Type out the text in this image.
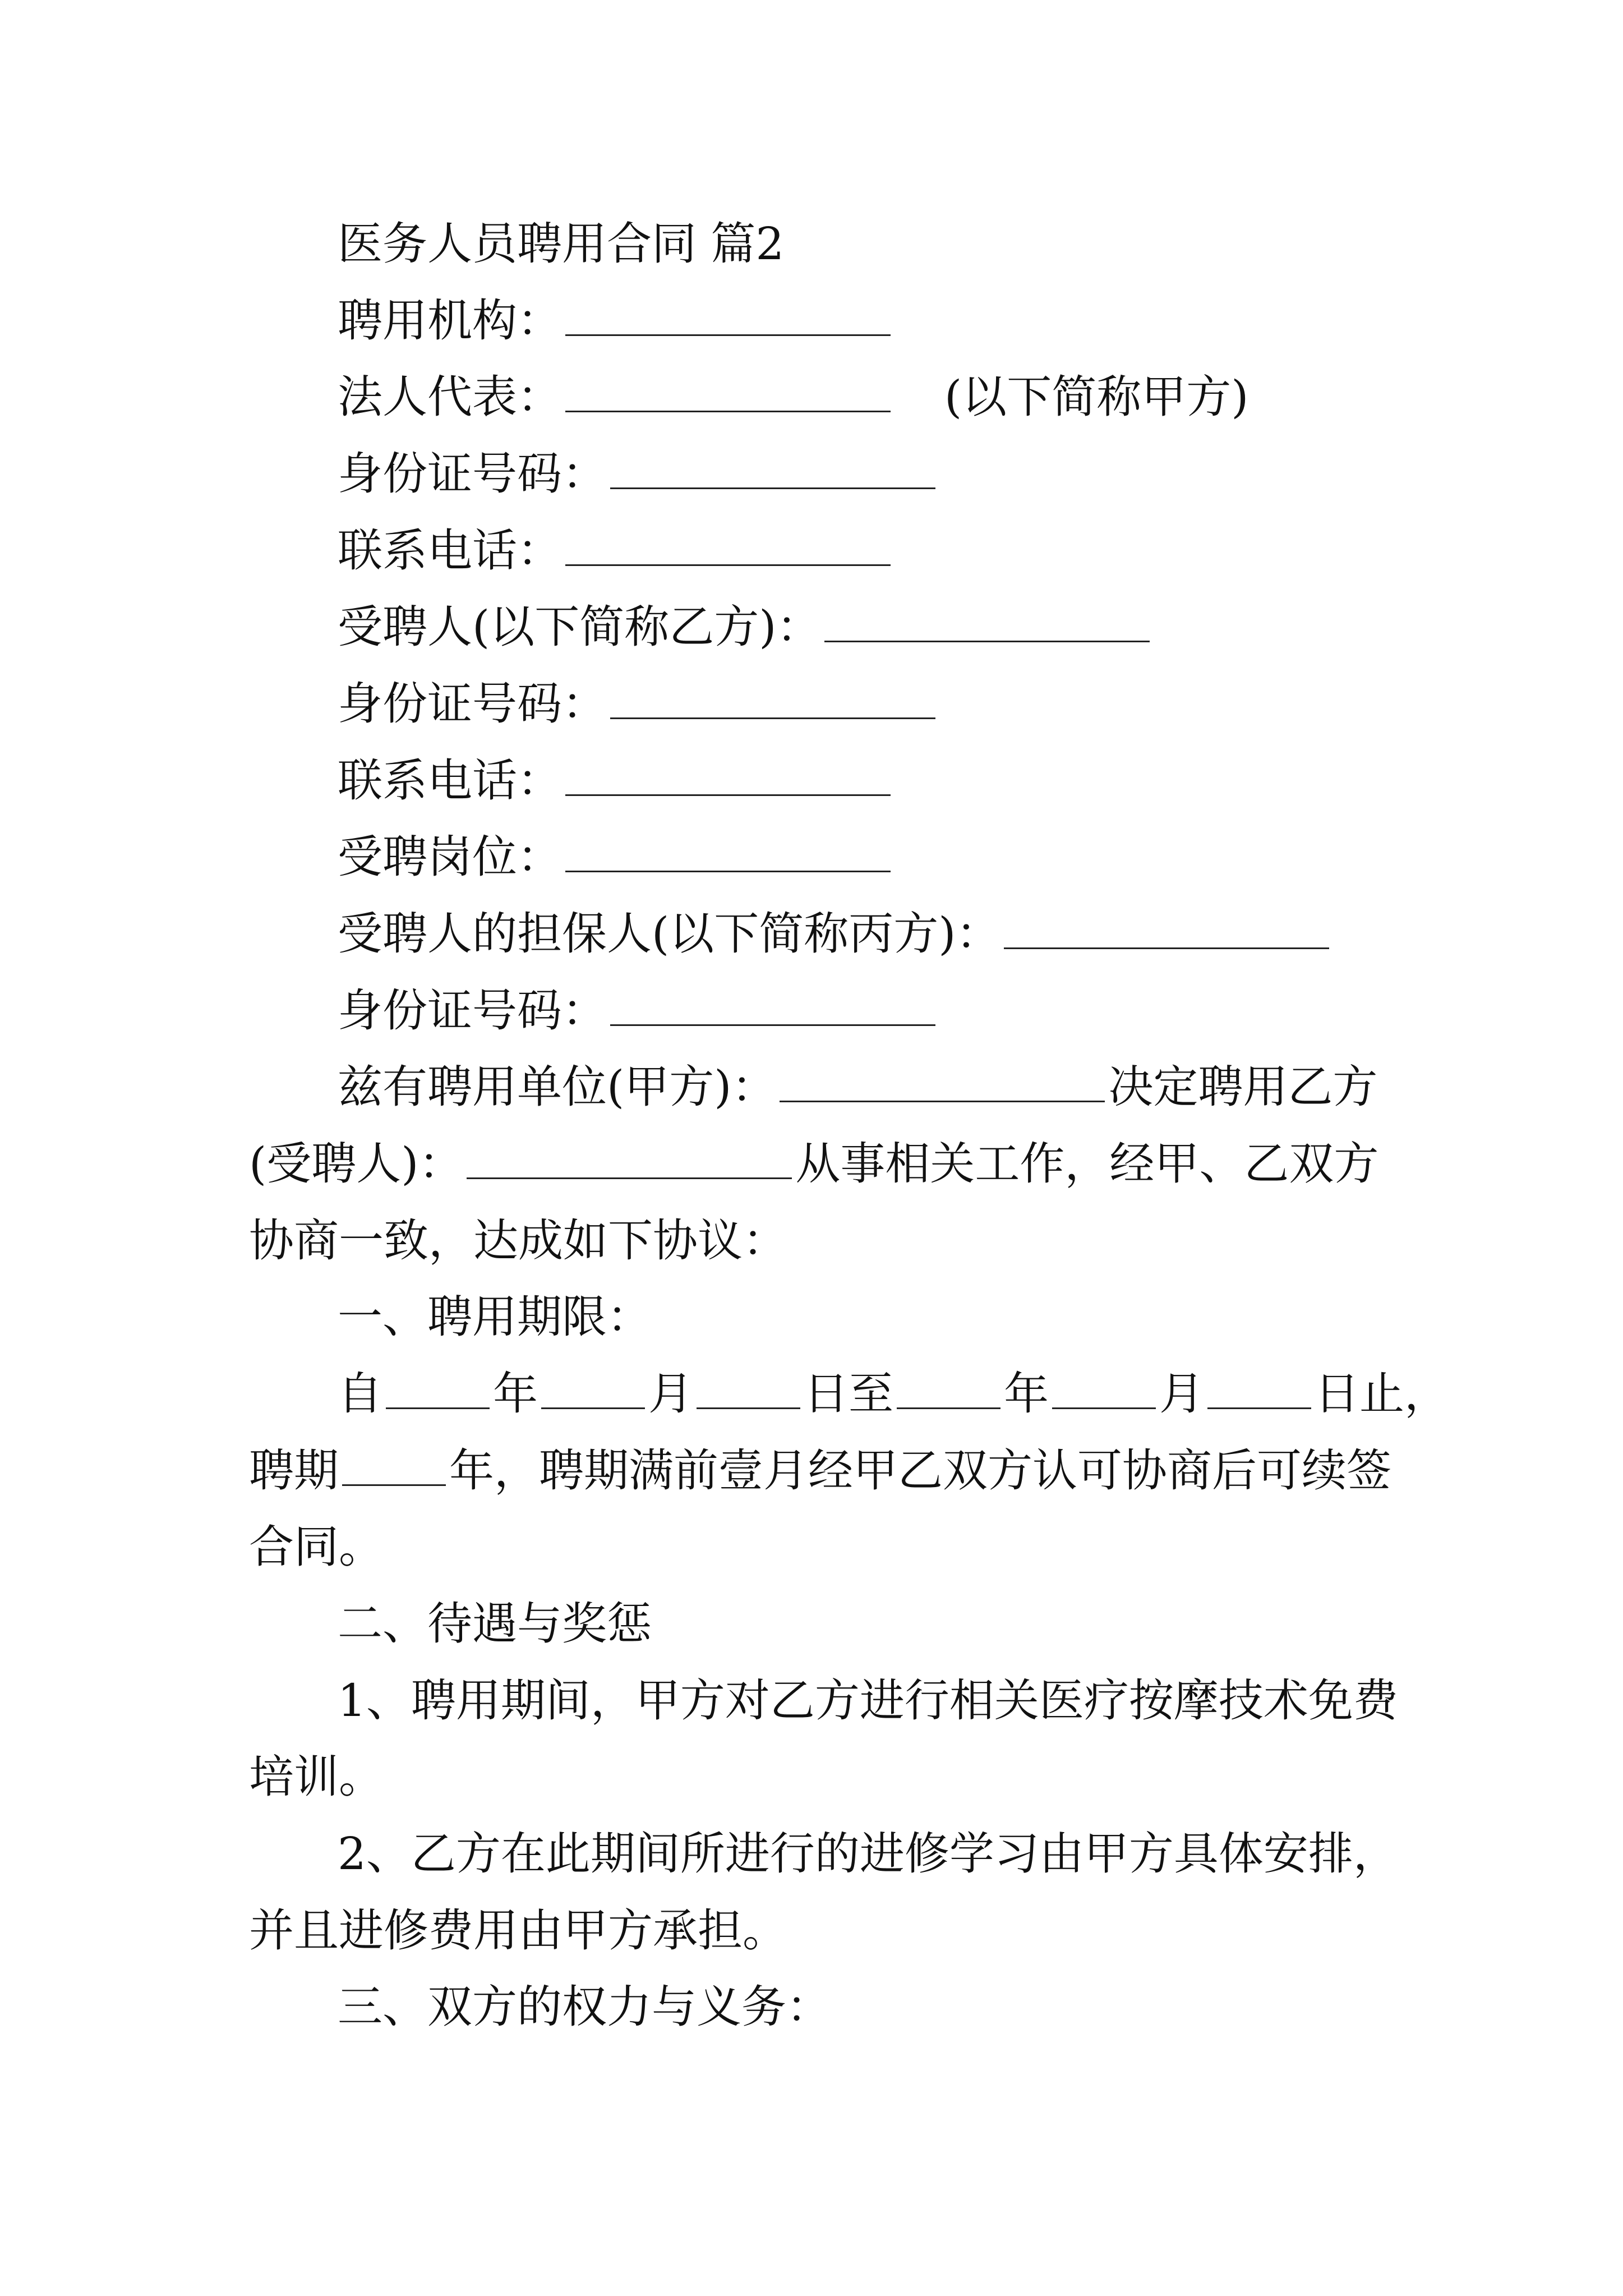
医务人员聘用合同 篇2
聘用机构：
法人代表：	(以下简称甲方)
身份证号码：
联系电话：
受聘人(以下简称乙方)：
身份证号码：
联系电话：
受聘岗位：
受聘人的担保人(以下简称丙方)：
身份证号码：
兹有聘用单位(甲方)：	决定聘用乙方
(受聘人)：	从事相关工作，经甲、乙双方
协商一致，达成如下协议：
一、聘用期限：
自 年 月 日至 年 月 日止，
聘期 年，聘期满前壹月经甲乙双方认可协商后可续签
合同。
二、待遇与奖惩
1、聘用期间，甲方对乙方进行相关医疗按摩技术免费
培训。
2、乙方在此期间所进行的进修学习由甲方具体安排，
并且进修费用由甲方承担。
三、双方的权力与义务：
